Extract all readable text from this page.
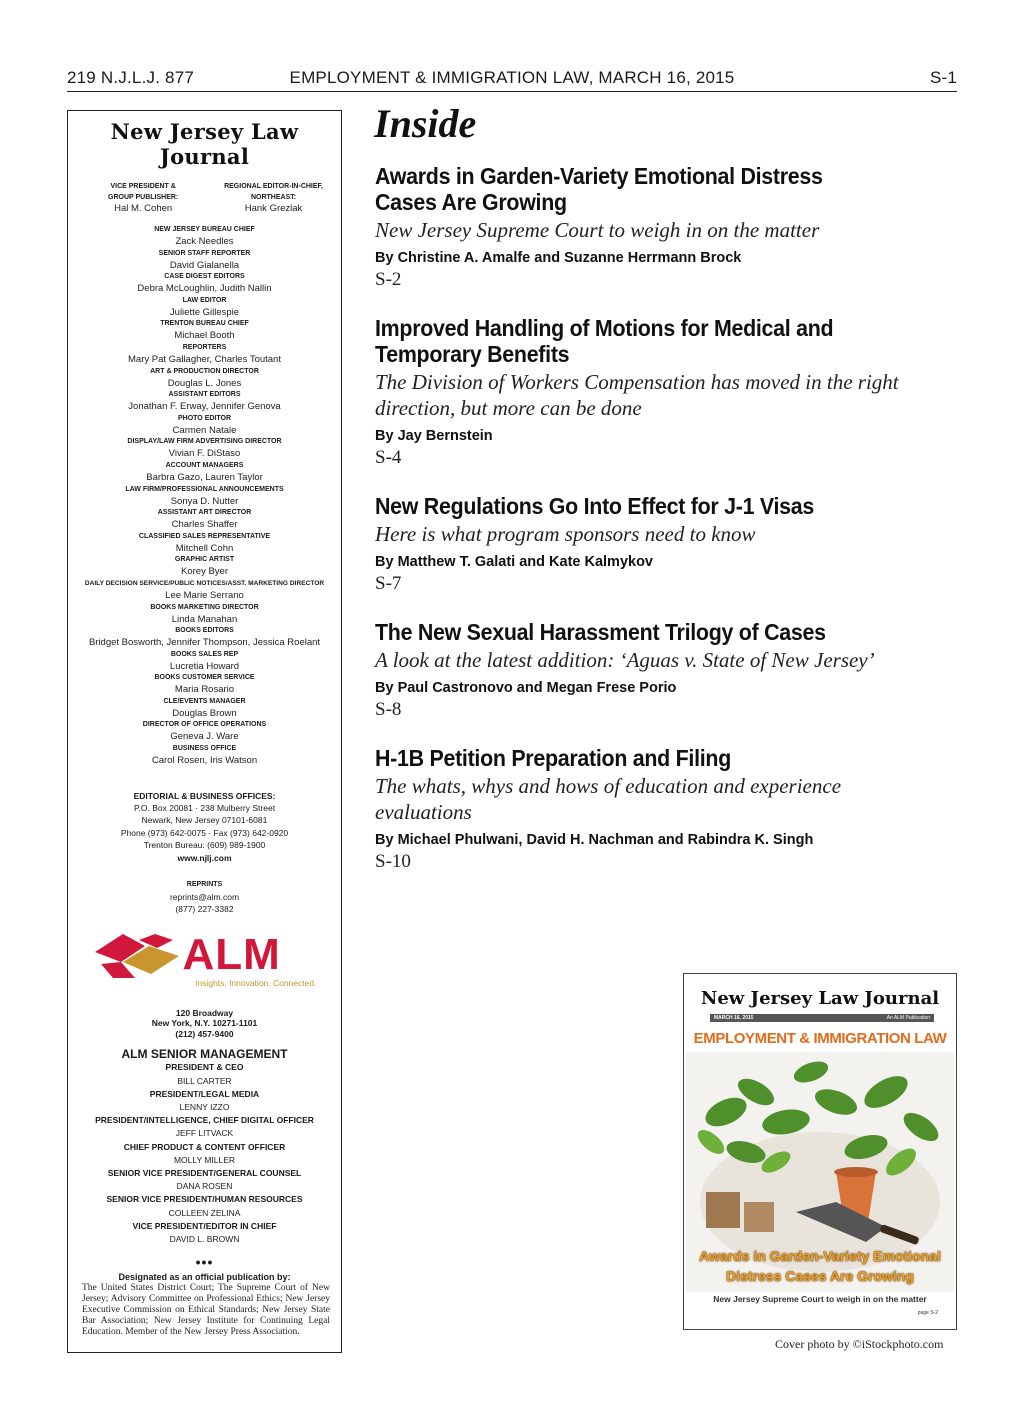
219 N.J.L.J. 877	EMPLOYMENT & IMMIGRATION LAW, MARCH 16, 2015	S-1
New Jersey Law Journal
VICE PRESIDENT &
GROUP PUBLISHER:
Hal M. Cohen
REGIONAL EDITOR-IN-CHIEF,
NORTHEAST:
Hank Grezlak
NEW JERSEY BUREAU CHIEF
Zack Needles
SENIOR STAFF REPORTER
David Gialanella
CASE DIGEST EDITORS
Debra McLoughlin, Judith Nallin
LAW EDITOR
Juliette Gillespie
TRENTON BUREAU CHIEF
Michael Booth
REPORTERS
Mary Pat Gallagher, Charles Toutant
ART & PRODUCTION DIRECTOR
Douglas L. Jones
ASSISTANT EDITORS
Jonathan F. Erway, Jennifer Genova
PHOTO EDITOR
Carmen Natale
DISPLAY/LAW FIRM ADVERTISING DIRECTOR
Vivian F. DiStaso
ACCOUNT MANAGERS
Barbra Gazo, Lauren Taylor
LAW FIRM/PROFESSIONAL ANNOUNCEMENTS
Sonya D. Nutter
ASSISTANT ART DIRECTOR
Charles Shaffer
CLASSIFIED SALES REPRESENTATIVE
Mitchell Cohn
GRAPHIC ARTIST
Korey Byer
DAILY DECISION SERVICE/PUBLIC NOTICES/ASST. MARKETING DIRECTOR
Lee Marie Serrano
BOOKS MARKETING DIRECTOR
Linda Manahan
BOOKS EDITORS
Bridget Bosworth, Jennifer Thompson, Jessica Roelant
BOOKS SALES REP
Lucretia Howard
BOOKS CUSTOMER SERVICE
Maria Rosario
CLE/EVENTS MANAGER
Douglas Brown
DIRECTOR OF OFFICE OPERATIONS
Geneva J. Ware
BUSINESS OFFICE
Carol Rosen, Iris Watson
EDITORIAL & BUSINESS OFFICES:
P.O. Box 20081 · 238 Mulberry Street
Newark, New Jersey 07101-6081
Phone (973) 642-0075 · Fax (973) 642-0920
Trenton Bureau: (609) 989-1900
www.njlj.com
REPRINTS
reprints@alm.com
(877) 227-3382
ALM
Insights. Innovation. Connected.
120 Broadway
New York, N.Y. 10271-1101
(212) 457-9400
ALM SENIOR MANAGEMENT
PRESIDENT & CEO
BILL CARTER
PRESIDENT/LEGAL MEDIA
LENNY IZZO
PRESIDENT/INTELLIGENCE, CHIEF DIGITAL OFFICER
JEFF LITVACK
CHIEF PRODUCT & CONTENT OFFICER
MOLLY MILLER
SENIOR VICE PRESIDENT/GENERAL COUNSEL
DANA ROSEN
SENIOR VICE PRESIDENT/HUMAN RESOURCES
COLLEEN ZELINA
VICE PRESIDENT/EDITOR IN CHIEF
DAVID L. BROWN
•••
Designated as an official publication by:
The United States District Court; The Supreme Court of New Jersey; Advisory Committee on Professional Ethics; New Jersey Executive Commission on Ethical Standards; New Jersey State Bar Association; New Jersey Institute for Continuing Legal Education. Member of the New Jersey Press Association.
Inside
Awards in Garden-Variety Emotional Distress
Cases Are Growing
New Jersey Supreme Court to weigh in on the matter
By Christine A. Amalfe and Suzanne Herrmann Brock
S-2
Improved Handling of Motions for Medical and
Temporary Benefits
The Division of Workers Compensation has moved in the right direction, but more can be done
By Jay Bernstein
S-4
New Regulations Go Into Effect for J-1 Visas
Here is what program sponsors need to know
By Matthew T. Galati and Kate Kalmykov
S-7
The New Sexual Harassment Trilogy of Cases
A look at the latest addition: ‘Aguas v. State of New Jersey’
By Paul Castronovo and Megan Frese Porio
S-8
H-1B Petition Preparation and Filing
The whats, whys and hows of education and experience evaluations
By Michael Phulwani, David H. Nachman and Rabindra K. Singh
S-10
New Jersey Law Journal
MARCH 16, 2015	An ALM Publication
EMPLOYMENT & IMMIGRATION LAW
Awards in Garden-Variety Emotional
Distress Cases Are Growing
New Jersey Supreme Court to weigh in on the matter
page S-2
Cover photo by ©iStockphoto.com
